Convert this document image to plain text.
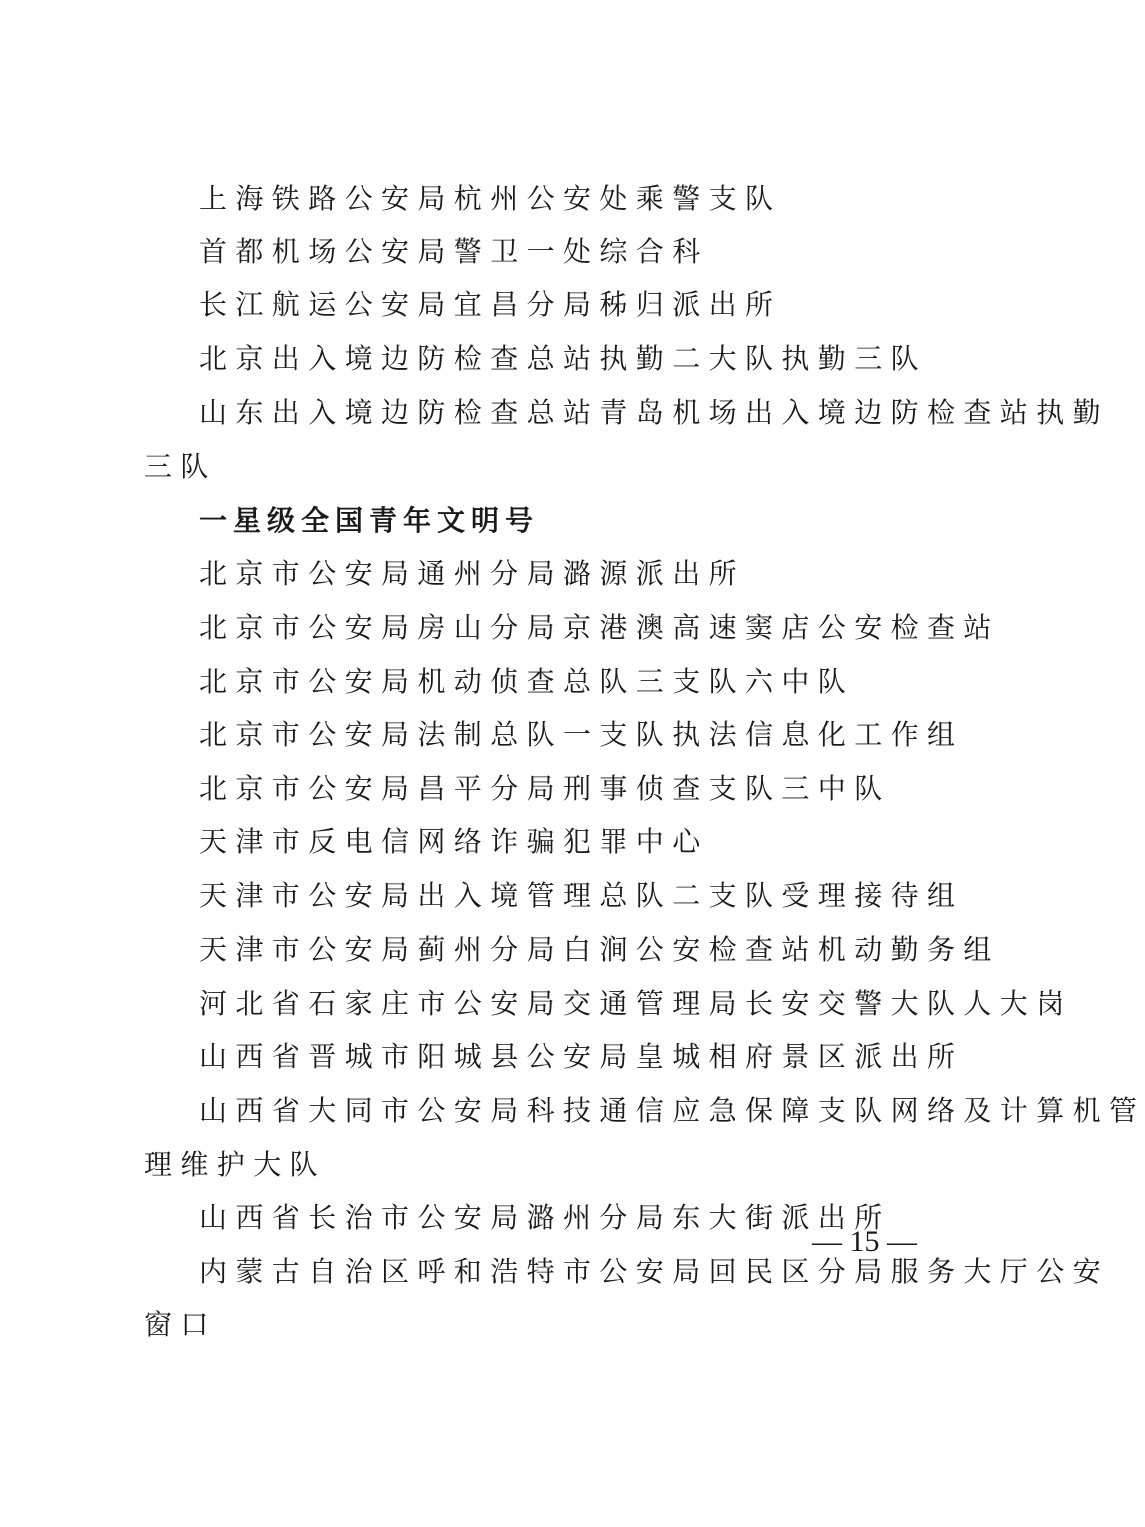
上海铁路公安局杭州公安处乘警支队
首都机场公安局警卫一处综合科
长江航运公安局宜昌分局秭归派出所
北京出入境边防检查总站执勤二大队执勤三队
山东出入境边防检查总站青岛机场出入境边防检查站执勤
三队
一星级全国青年文明号
北京市公安局通州分局潞源派出所
北京市公安局房山分局京港澳高速窦店公安检查站
北京市公安局机动侦查总队三支队六中队
北京市公安局法制总队一支队执法信息化工作组
北京市公安局昌平分局刑事侦查支队三中队
天津市反电信网络诈骗犯罪中心
天津市公安局出入境管理总队二支队受理接待组
天津市公安局蓟州分局白涧公安检查站机动勤务组
河北省石家庄市公安局交通管理局长安交警大队人大岗
山西省晋城市阳城县公安局皇城相府景区派出所
山西省大同市公安局科技通信应急保障支队网络及计算机管
理维护大队
山西省长治市公安局潞州分局东大街派出所
内蒙古自治区呼和浩特市公安局回民区分局服务大厅公安
窗口
— 15 —
